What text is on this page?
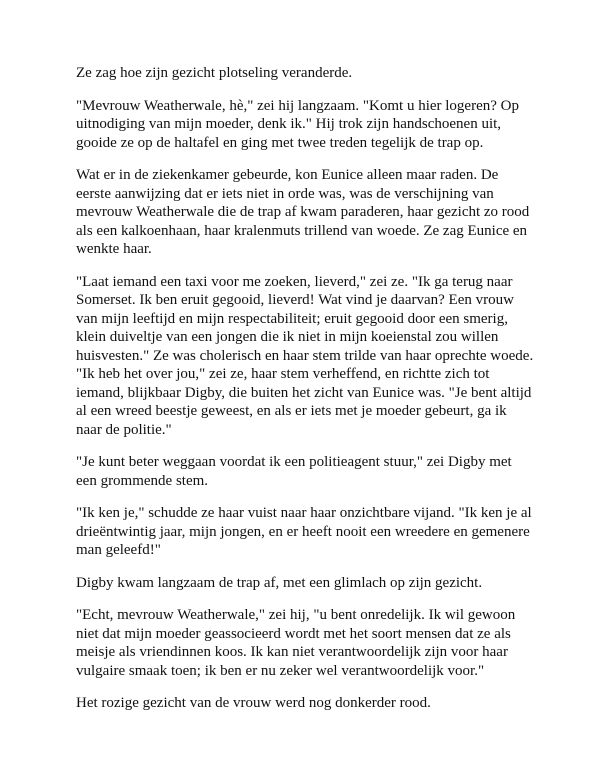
Ze zag hoe zijn gezicht plotseling veranderde.

"Mevrouw Weatherwale, hè," zei hij langzaam. "Komt u hier logeren? Op
uitnodiging van mijn moeder, denk ik." Hij trok zijn handschoenen uit,
gooide ze op de haltafel en ging met twee treden tegelijk de trap op.

Wat er in de ziekenkamer gebeurde, kon Eunice alleen maar raden. De
eerste aanwijzing dat er iets niet in orde was, was de verschijning van
mevrouw Weatherwale die de trap af kwam paraderen, haar gezicht zo rood
als een kalkoenhaan, haar kralenmuts trillend van woede. Ze zag Eunice en
wenkte haar.

"Laat iemand een taxi voor me zoeken, lieverd," zei ze. "Ik ga terug naar
Somerset. Ik ben eruit gegooid, lieverd! Wat vind je daarvan? Een vrouw
van mijn leeftijd en mijn respectabiliteit; eruit gegooid door een smerig,
klein duiveltje van een jongen die ik niet in mijn koeienstal zou willen
huisvesten." Ze was cholerisch en haar stem trilde van haar oprechte woede.
"Ik heb het over jou," zei ze, haar stem verheffend, en richtte zich tot
iemand, blijkbaar Digby, die buiten het zicht van Eunice was. "Je bent altijd
al een wreed beestje geweest, en als er iets met je moeder gebeurt, ga ik
naar de politie."

"Je kunt beter weggaan voordat ik een politieagent stuur," zei Digby met
een grommende stem.

"Ik ken je," schudde ze haar vuist naar haar onzichtbare vijand. "Ik ken je al
drieëntwintig jaar, mijn jongen, en er heeft nooit een wreedere en gemenere
man geleefd!"

Digby kwam langzaam de trap af, met een glimlach op zijn gezicht.

"Echt, mevrouw Weatherwale," zei hij, "u bent onredelijk. Ik wil gewoon
niet dat mijn moeder geassocieerd wordt met het soort mensen dat ze als
meisje als vriendinnen koos. Ik kan niet verantwoordelijk zijn voor haar
vulgaire smaak toen; ik ben er nu zeker wel verantwoordelijk voor."

Het rozige gezicht van de vrouw werd nog donkerder rood.
